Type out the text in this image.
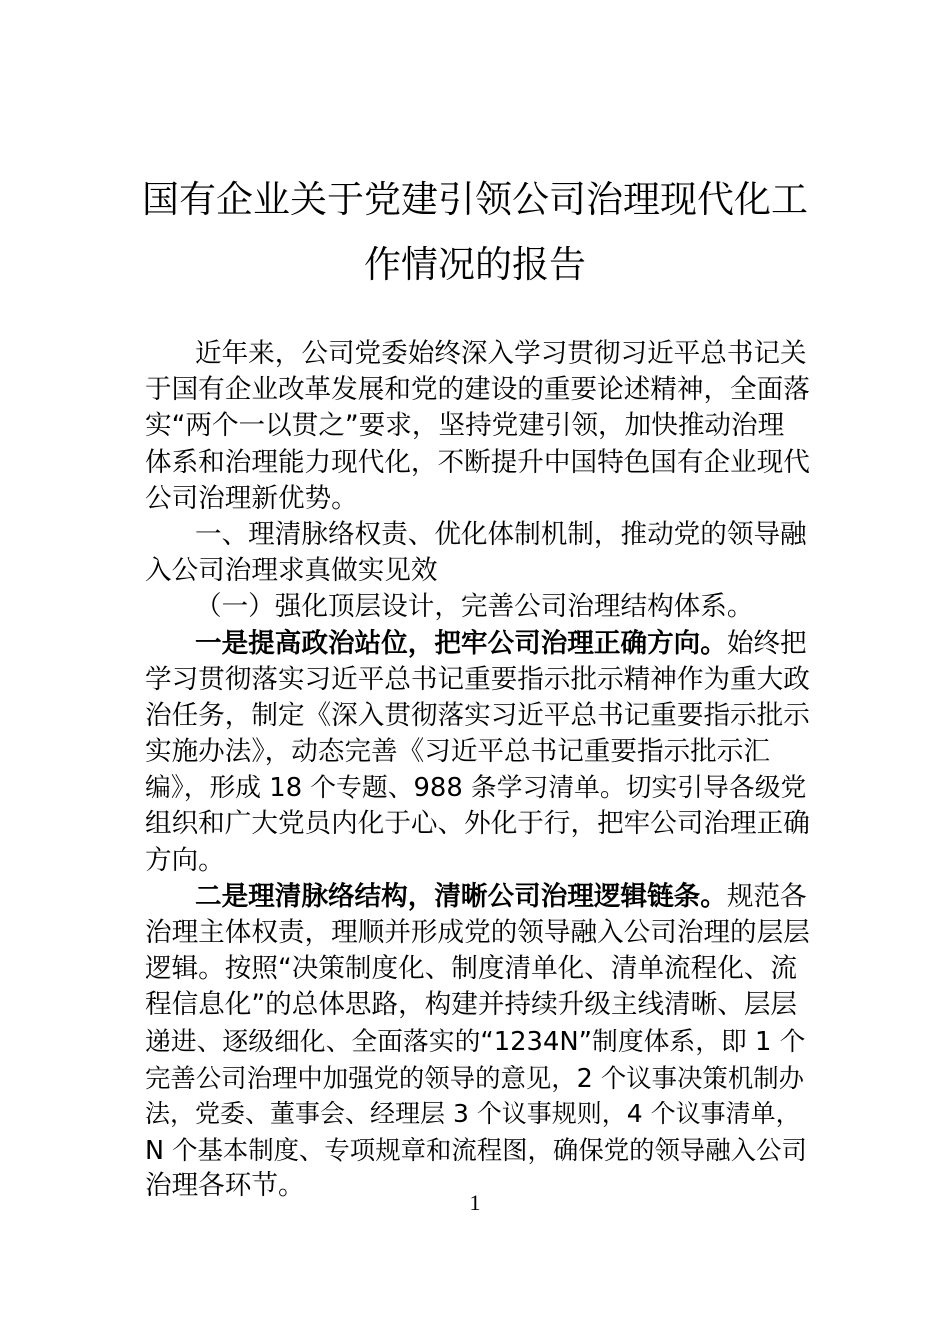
国有企业关于党建引领公司治理现代化工
作情况的报告
近年来，公司党委始终深入学习贯彻习近平总书记关
于国有企业改革发展和党的建设的重要论述精神，全面落
实“两个一以贯之”要求，坚持党建引领，加快推动治理
体系和治理能力现代化，不断提升中国特色国有企业现代
公司治理新优势。
一、理清脉络权责、优化体制机制，推动党的领导融
入公司治理求真做实见效
（一）强化顶层设计，完善公司治理结构体系。
一是提高政治站位，把牢公司治理正确方向。始终把
学习贯彻落实习近平总书记重要指示批示精神作为重大政
治任务，制定《深入贯彻落实习近平总书记重要指示批示
实施办法》，动态完善《习近平总书记重要指示批示汇
编》，形成 18 个专题、988 条学习清单。切实引导各级党
组织和广大党员内化于心、外化于行，把牢公司治理正确
方向。
二是理清脉络结构，清晰公司治理逻辑链条。规范各
治理主体权责，理顺并形成党的领导融入公司治理的层层
逻辑。按照“决策制度化、制度清单化、清单流程化、流
程信息化”的总体思路，构建并持续升级主线清晰、层层
递进、逐级细化、全面落实的“1234N”制度体系，即 1 个
完善公司治理中加强党的领导的意见，2 个议事决策机制办
法，党委、董事会、经理层 3 个议事规则，4 个议事清单，
N 个基本制度、专项规章和流程图，确保党的领导融入公司
治理各环节。
1
